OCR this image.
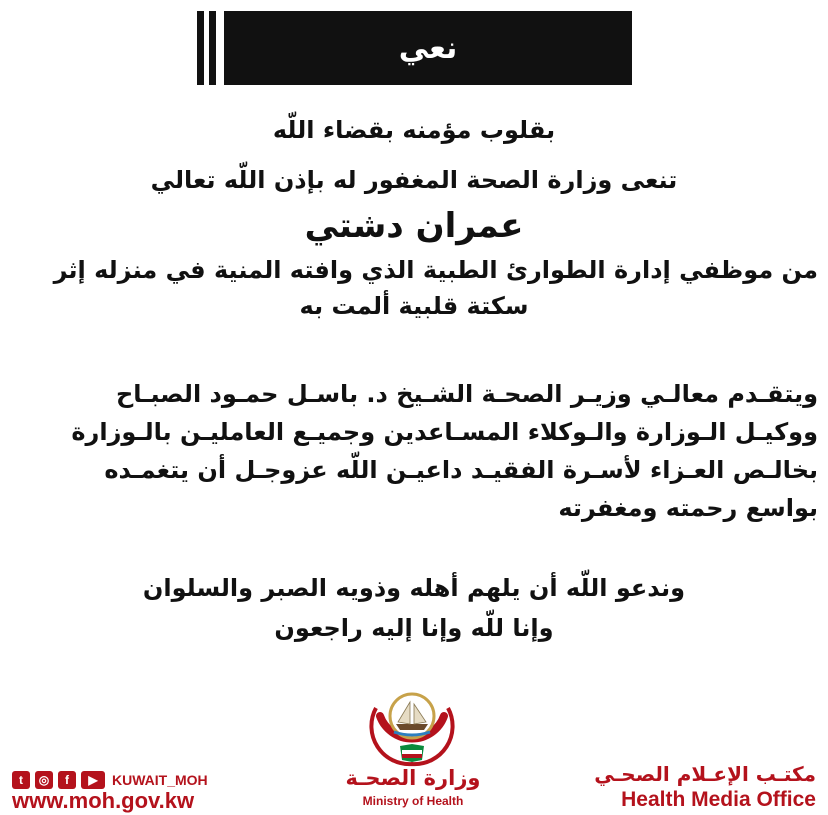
نعي
بقلوب مؤمنه بقضاء اللّه
تنعى وزارة الصحة المغفور له بإذن اللّه تعالي
عمران دشتي
من موظفي إدارة الطوارئ الطبية الذي وافته المنية في منزله إثر
سكتة قلبية ألمت به
ويتقـدم معالـي وزيـر الصحـة الشـيخ د. باسـل حمـود الصبـاح
ووكيـل الـوزارة والـوكلاء المسـاعدين وجميـع العامليـن بالـوزارة
بخالـص العـزاء لأسـرة الفقيـد داعيـن اللّه عزوجـل أن يتغمـده
بواسع رحمته ومغفرته
وندعو اللّه أن يلهم أهله وذويه الصبر والسلوان
وإنا للّه وإنا إليه راجعون
وزارة الصحـة
Ministry of Health
t	◎	f	▶	KUWAIT_MOH
www.moh.gov.kw
مكتـب الإعـلام الصحـي
Health Media Office
